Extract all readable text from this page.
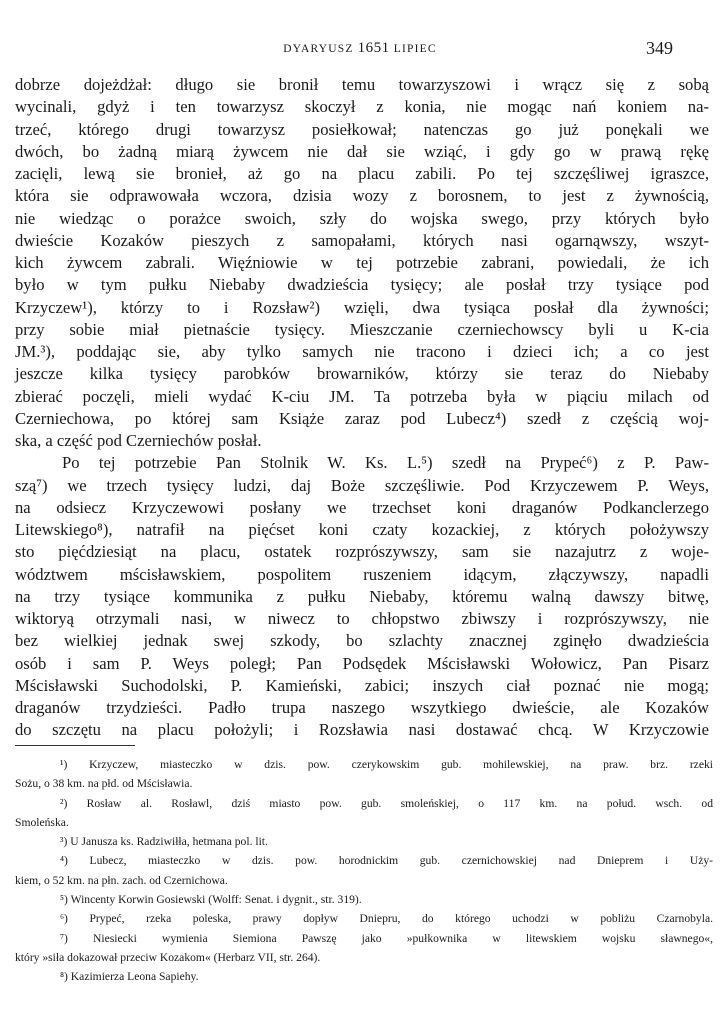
DYARYUSZ 1651 LIPIEC	349
dobrze dojeżdżał: długo sie bronił temu towarzyszowi i wrącz się z sobą
wycinali, gdyż i ten towarzysz skoczył z konia, nie mogąc nań koniem na-
trzeć, którego drugi towarzysz posiełkował; natenczas go już ponękali we
dwóch, bo żadną miarą żywcem nie dał sie wziąć, i gdy go w prawą rękę
zacięli, lewą sie bronieł, aż go na placu zabili. Po tej szczęśliwej igraszce,
która sie odprawowała wczora, dzisia wozy z borosnem, to jest z żywnością,
nie wiedząc o porażce swoich, szły do wojska swego, przy których było
dwieście Kozaków pieszych z samopałami, których nasi ogarnąwszy, wszyt-
kich żywcem zabrali. Więźniowie w tej potrzebie zabrani, powiedali, że ich
było w tym pułku Niebaby dwadzieścia tysięcy; ale posłał trzy tysiące pod
Krzyczew¹), którzy to i Rozsław²) wzięli, dwa tysiąca posłał dla żywności;
przy sobie miał pietnaście tysięcy. Mieszczanie czerniechowscy byli u K-cia
JM.³), poddając sie, aby tylko samych nie tracono i dzieci ich; a co jest
jeszcze kilka tysięcy parobków browarników, którzy sie teraz do Niebaby
zbierać poczęli, mieli wydać K-ciu JM. Ta potrzeba była w piąciu milach od
Czerniechowa, po której sam Książe zaraz pod Lubecz⁴) szedł z częścią woj-
ska, a część pod Czerniechów posłał.
Po tej potrzebie Pan Stolnik W. Ks. L.⁵) szedł na Prypeć⁶) z P. Paw-
szą⁷) we trzech tysięcy ludzi, daj Boże szczęśliwie. Pod Krzyczewem P. Weys,
na odsiecz Krzyczewowi posłany we trzechset koni draganów Podkanclerzego
Litewskiego⁸), natrafił na pięćset koni czaty kozackiej, z których położywszy
sto pięćdziesiąt na placu, ostatek rozprószywszy, sam sie nazajutrz z woje-
wództwem mścisławskiem, pospolitem ruszeniem idącym, złączywszy, napadli
na trzy tysiące kommunika z pułku Niebaby, któremu walną dawszy bitwę,
wiktoryą otrzymali nasi, w niwecz to chłopstwo zbiwszy i rozprószywszy, nie
bez wielkiej jednak swej szkody, bo szlachty znacznej zginęło dwadzieścia
osób i sam P. Weys poległ; Pan Podsędek Mścisławski Wołowicz, Pan Pisarz
Mścisławski Suchodolski, P. Kamieński, zabici; inszych ciał poznać nie mogą;
draganów trzydzieści. Padło trupa naszego wszytkiego dwieście, ale Kozaków
do szczętu na placu położyli; i Rozsławia nasi dostawać chcą. W Krzyczowie
¹) Krzyczew, miasteczko w dzis. pow. czerykowskim gub. mohilewskiej, na praw. brz. rzeki
Sożu, o 38 km. na płd. od Mścisławia.
²) Rosław al. Rosławl, dziś miasto pow. gub. smoleńskiej, o 117 km. na połud. wsch. od
Smoleńska.
³) U Janusza ks. Radziwiłła, hetmana pol. lit.
⁴) Lubecz, miasteczko w dzis. pow. horodnickim gub. czernichowskiej nad Dnieprem i Uży-
kiem, o 52 km. na płn. zach. od Czernichowa.
⁵) Wincenty Korwin Gosiewski (Wolff: Senat. i dygnit., str. 319).
⁶) Prypeć, rzeka poleska, prawy dopływ Dniepru, do którego uchodzi w pobliżu Czarnobyla.
⁷) Niesiecki wymienia Siemiona Pawszę jako »pułkownika w litewskiem wojsku sławnego«,
który »siła dokazował przeciw Kozakom« (Herbarz VII, str. 264).
⁸) Kazimierza Leona Sapiehy.
